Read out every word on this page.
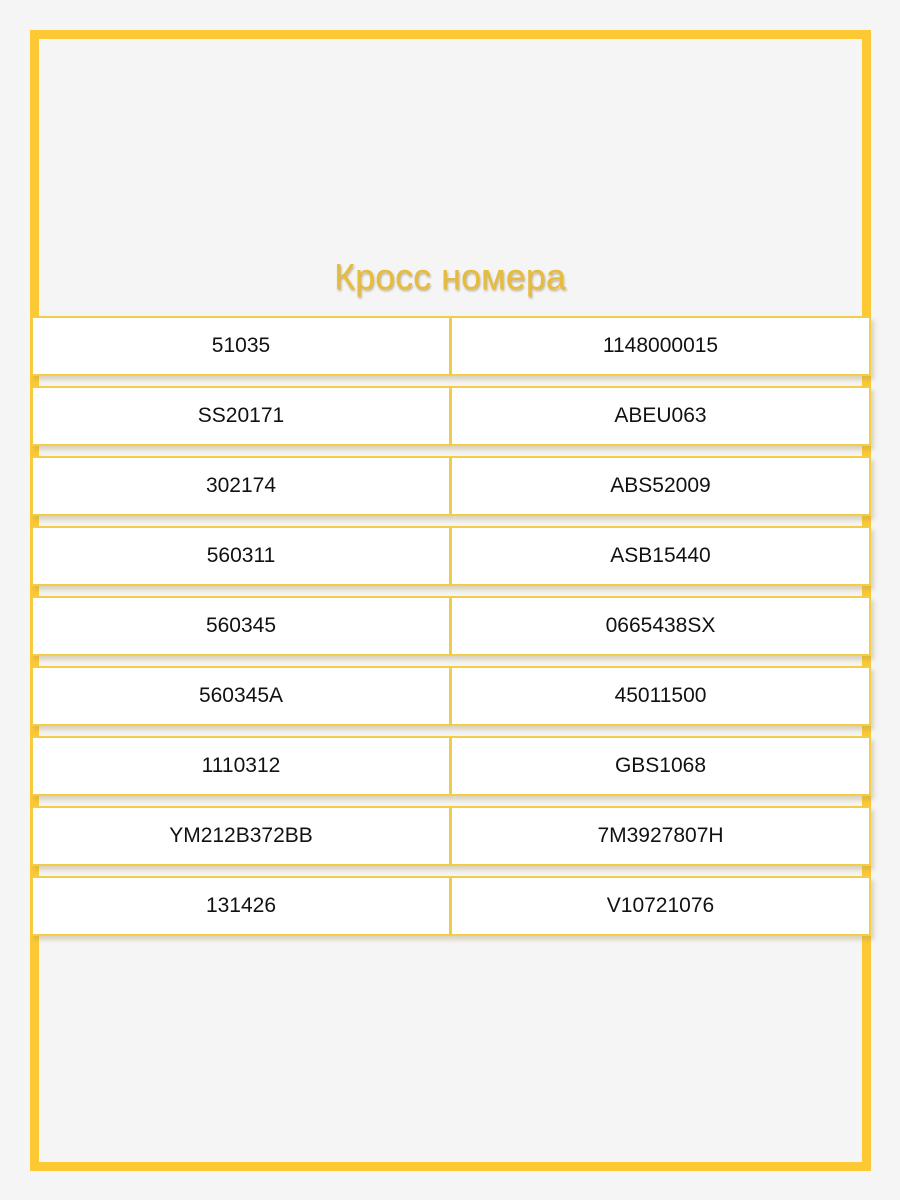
Кросс номера
51035	1148000015
SS20171	ABEU063
302174	ABS52009
560311	ASB15440
560345	0665438SX
560345A	45011500
1110312	GBS1068
YM212B372BB	7M3927807H
131426	V10721076
